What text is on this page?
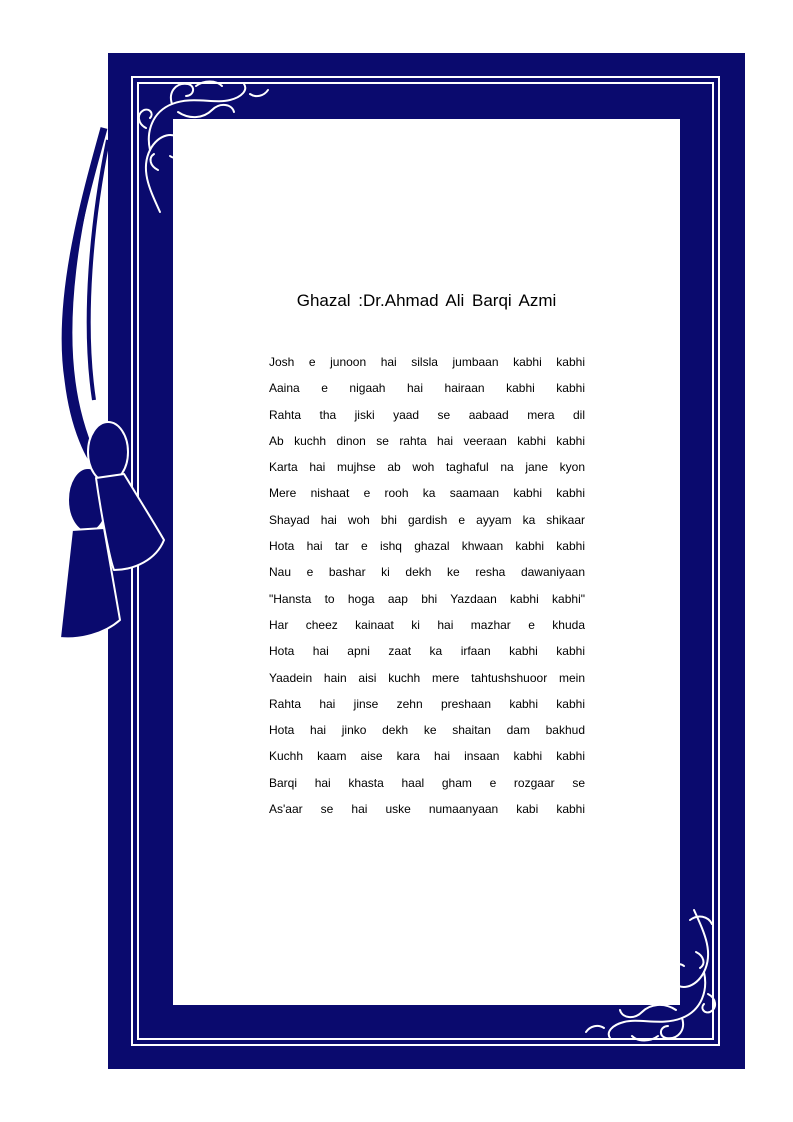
Ghazal :Dr.Ahmad Ali Barqi Azmi
Josh e junoon hai silsla jumbaan kabhi kabhi
Aaina e nigaah hai hairaan kabhi kabhi
Rahta tha jiski yaad se aabaad mera dil
Ab kuchh dinon se rahta hai veeraan kabhi kabhi
Karta hai mujhse ab woh taghaful na jane kyon
Mere nishaat e rooh ka saamaan kabhi kabhi
Shayad hai woh bhi gardish e ayyam ka shikaar
Hota hai tar e ishq ghazal khwaan kabhi kabhi
Nau e bashar ki dekh ke resha dawaniyaan
"Hansta to hoga aap bhi Yazdaan kabhi kabhi"
Har cheez kainaat ki hai mazhar e khuda
Hota hai apni zaat ka irfaan kabhi kabhi
Yaadein hain aisi kuchh mere tahtushshuoor mein
Rahta hai jinse zehn preshaan kabhi kabhi
Hota hai jinko dekh ke shaitan dam bakhud
Kuchh kaam aise kara hai insaan kabhi kabhi
Barqi hai khasta haal gham e rozgaar se
As'aar se hai uske numaanyaan kabi kabhi
